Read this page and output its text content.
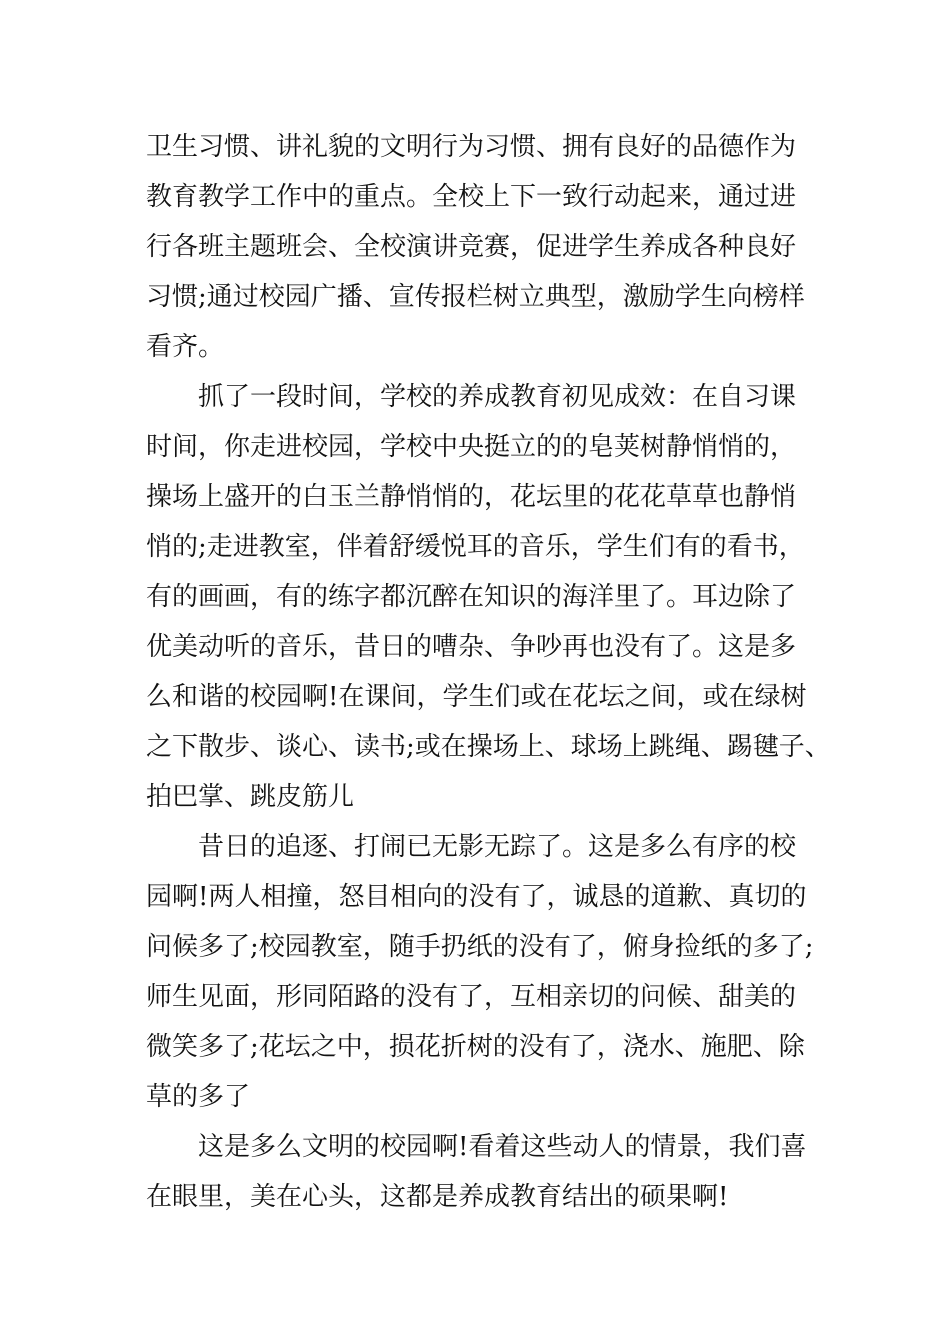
卫生习惯、讲礼貌的文明行为习惯、拥有良好的品德作为
教育教学工作中的重点。全校上下一致行动起来，通过进
行各班主题班会、全校演讲竞赛，促进学生养成各种良好
习惯;通过校园广播、宣传报栏树立典型，激励学生向榜样
看齐。
抓了一段时间，学校的养成教育初见成效：在自习课
时间，你走进校园，学校中央挺立的的皂荚树静悄悄的，
操场上盛开的白玉兰静悄悄的，花坛里的花花草草也静悄
悄的;走进教室，伴着舒缓悦耳的音乐，学生们有的看书，
有的画画，有的练字都沉醉在知识的海洋里了。耳边除了
优美动听的音乐，昔日的嘈杂、争吵再也没有了。这是多
么和谐的校园啊!在课间，学生们或在花坛之间，或在绿树
之下散步、谈心、读书;或在操场上、球场上跳绳、踢毽子、
拍巴掌、跳皮筋儿
昔日的追逐、打闹已无影无踪了。这是多么有序的校
园啊!两人相撞，怒目相向的没有了，诚恳的道歉、真切的
问候多了;校园教室，随手扔纸的没有了，俯身捡纸的多了;
师生见面，形同陌路的没有了，互相亲切的问候、甜美的
微笑多了;花坛之中，损花折树的没有了，浇水、施肥、除
草的多了
这是多么文明的校园啊!看着这些动人的情景，我们喜
在眼里，美在心头，这都是养成教育结出的硕果啊!
